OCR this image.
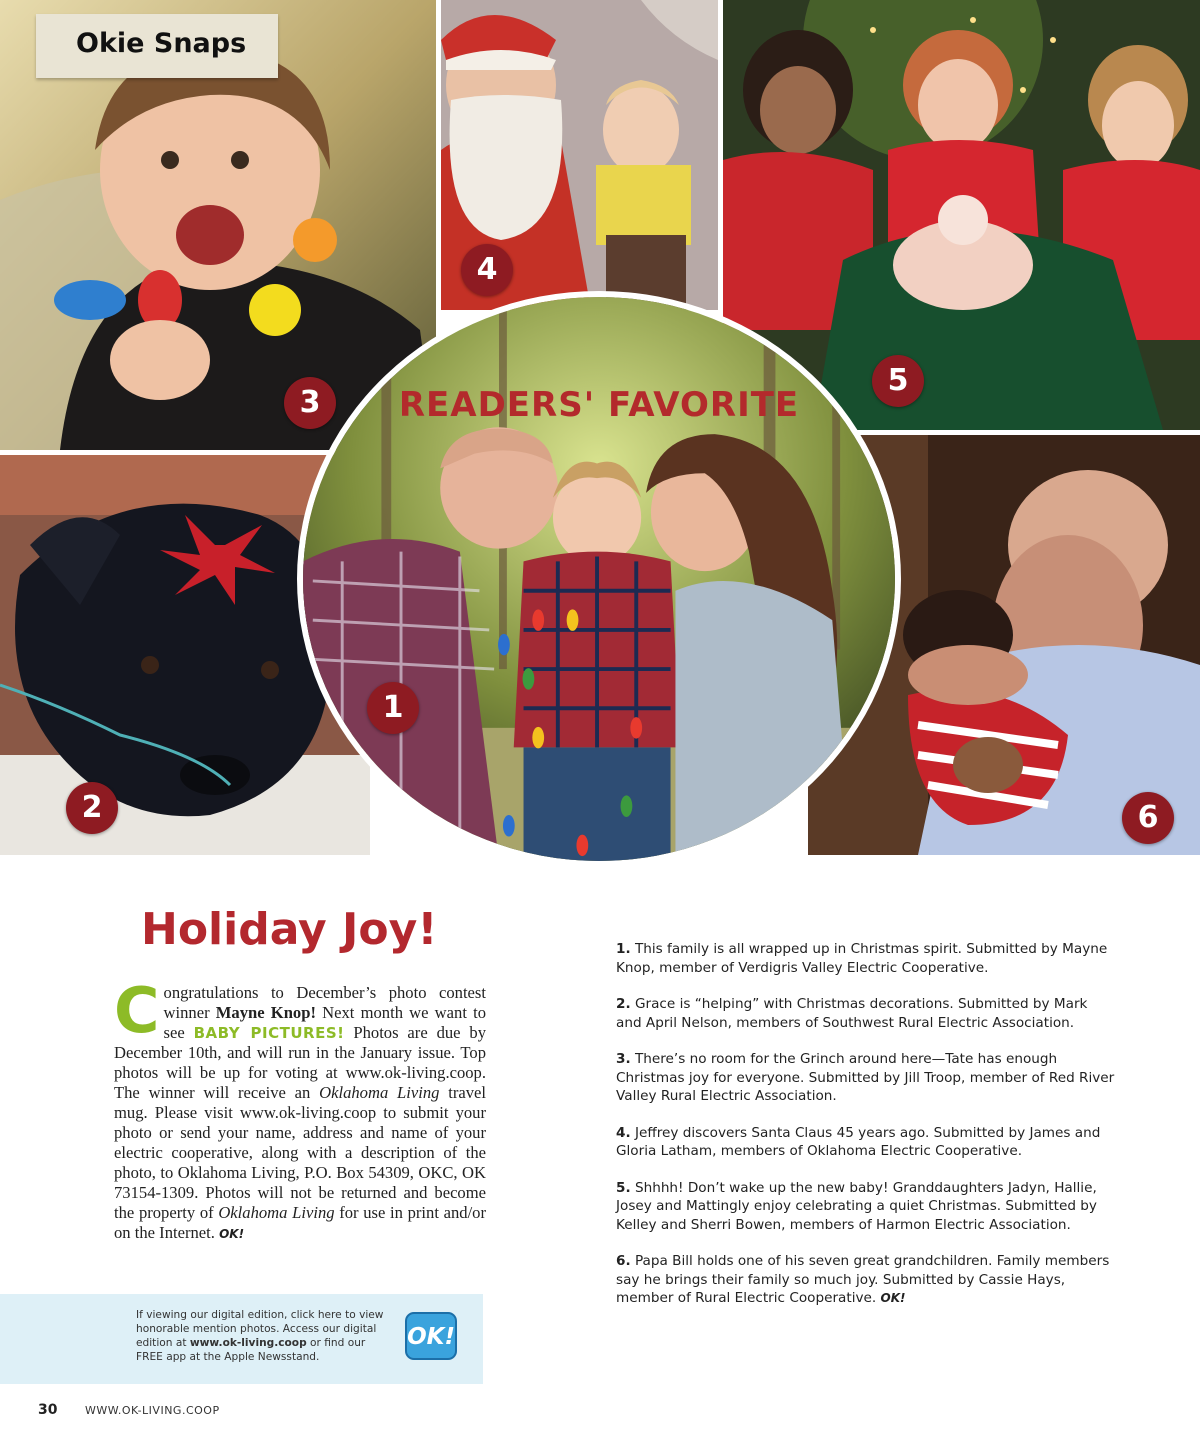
Okie Snaps
READERS' FAVORITE
1
2
3
4
5
6
Holiday Joy!
Congratulations to December’s photo contest winner Mayne Knop! Next month we want to see BABY PICTURES! Photos are due by December 10th, and will run in the January issue. Top photos will be up for voting at www.ok-living.coop. The winner will receive an Oklahoma Living travel mug. Please visit www.ok-living.coop to submit your photo or send your name, address and name of your electric cooperative, along with a description of the photo, to Oklahoma Living, P.O. Box 54309, OKC, OK 73154-1309. Photos will not be returned and become the property of Oklahoma Living for use in print and/or on the Internet. OK!

1. This family is all wrapped up in Christmas spirit. Submitted by Mayne Knop, member of Verdigris Valley Electric Cooperative.

2. Grace is “helping” with Christmas decorations. Submitted by Mark and April Nelson, members of Southwest Rural Electric Association.

3. There’s no room for the Grinch around here—Tate has enough Christmas joy for everyone. Submitted by Jill Troop, member of Red River Valley Rural Electric Association.

4. Jeffrey discovers Santa Claus 45 years ago. Submitted by James and Gloria Latham, members of Oklahoma Electric Cooperative.

5. Shhhh! Don’t wake up the new baby! Granddaughters Jadyn, Hallie, Josey and Mattingly enjoy celebrating a quiet Christmas. Submitted by Kelley and Sherri Bowen, members of Harmon Electric Association.

6. Papa Bill holds one of his seven great grandchildren. Family members say he brings their family so much joy. Submitted by Cassie Hays, member of Rural Electric Cooperative. OK!

If viewing our digital edition, click here to view honorable mention photos. Access our digital edition at www.ok-living.coop or find our FREE app at the Apple Newsstand.
OK!
30	WWW.OK-LIVING.COOP
